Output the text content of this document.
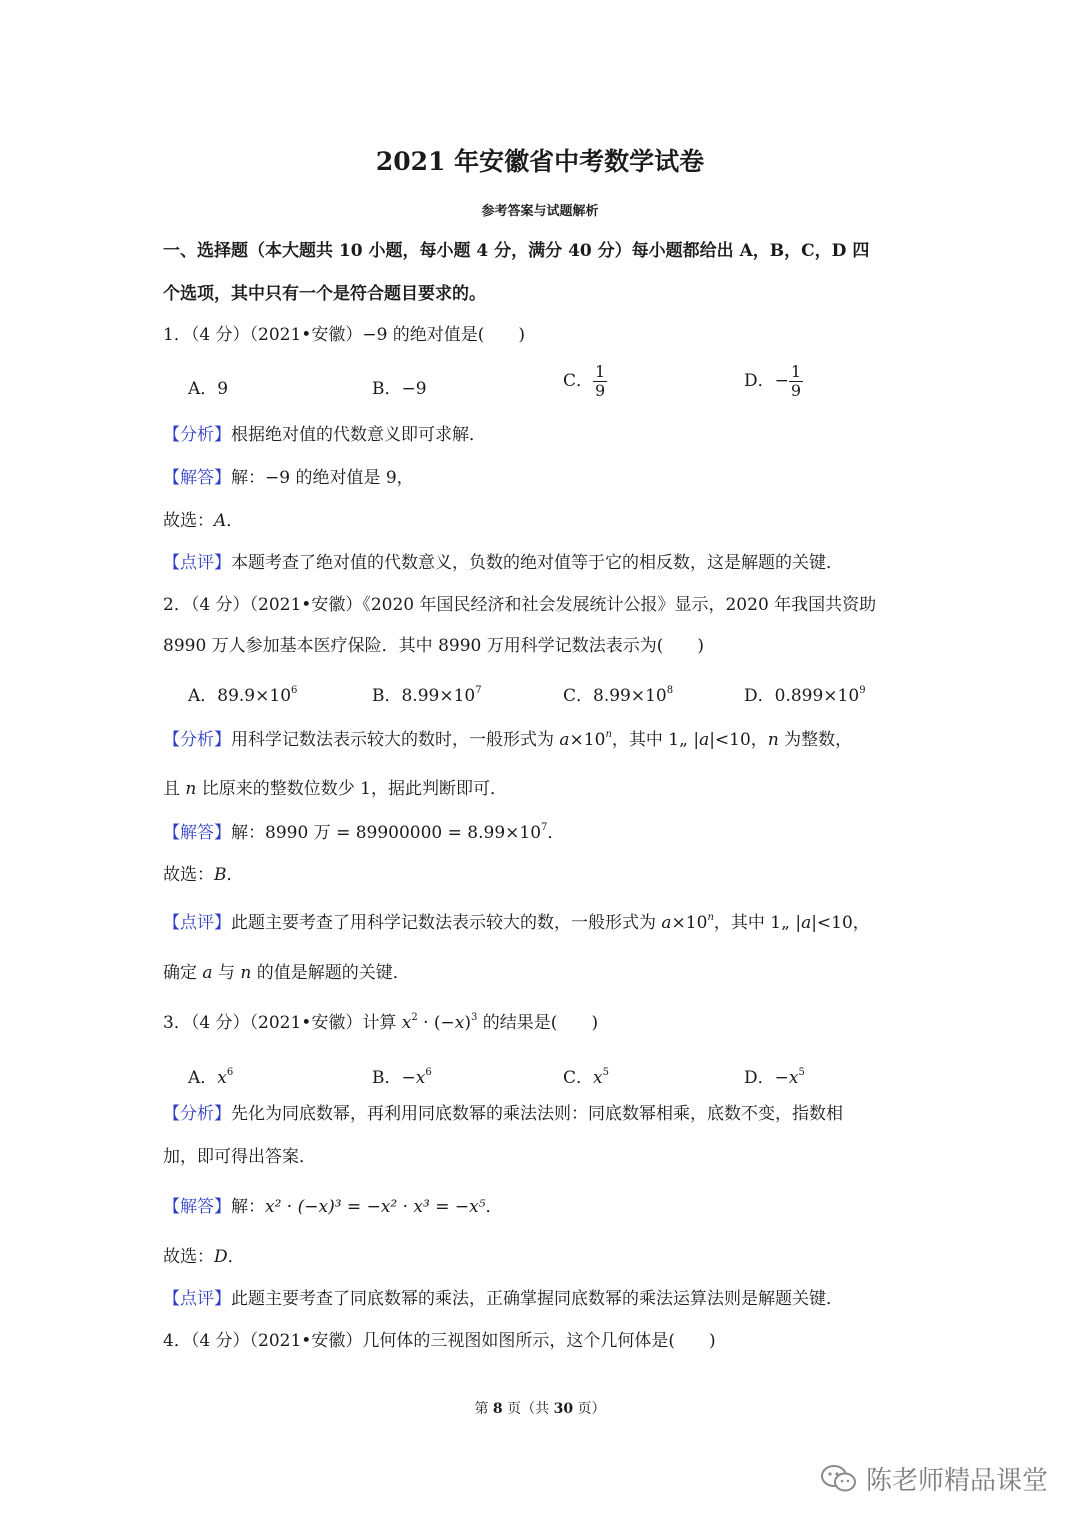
2021 年安徽省中考数学试卷
参考答案与试题解析
一、选择题（本大题共 10 小题，每小题 4 分，满分 40 分）每小题都给出 A，B，C，D 四
个选项，其中只有一个是符合题目要求的。
1．（4 分）（2021•安徽）−9 的绝对值是(　　)
A．9	B．−9	C． $\frac{1}{9}$	D．− $\frac{1}{9}$
【分析】根据绝对值的代数意义即可求解．
【解答】解：−9 的绝对值是 9，
故选：A．
【点评】本题考查了绝对值的代数意义，负数的绝对值等于它的相反数，这是解题的关键．
2．（4 分）（2021•安徽）《2020 年国民经济和社会发展统计公报》显示，2020 年我国共资助
8990 万人参加基本医疗保险．其中 8990 万用科学记数法表示为(　　)
A．$89.9\times 10^6$	B．$8.99\times 10^7$	C．$8.99\times 10^8$	D．$0.899\times 10^9$
【分析】用科学记数法表示较大的数时，一般形式为 $a\times 10^n$，其中 1„ |a|<10，n 为整数，
且 n 比原来的整数位数少 1，据此判断即可．
【解答】解：8990 万 = $89900000 = 8.99\times 10^7$．
故选：B．
【点评】此题主要考查了用科学记数法表示较大的数，一般形式为 $a\times 10^n$，其中 1„ |a|<10，
确定 a 与 n 的值是解题的关键．
3．（4 分）（2021•安徽）计算 $x^2 \cdot (-x)^3$ 的结果是(　　)
A．$x^6$	B．$-x^6$	C．$x^5$	D．$-x^5$
【分析】先化为同底数幂，再利用同底数幂的乘法法则：同底数幂相乘，底数不变，指数相
加，即可得出答案．
【解答】解：x² · (−x)³ = −x² · x³ = −x⁵．
故选：D．
【点评】此题主要考查了同底数幂的乘法，正确掌握同底数幂的乘法运算法则是解题关键．
4．（4 分）（2021•安徽）几何体的三视图如图所示，这个几何体是(　　)
第 8 页（共 30 页）
陈老师精品课堂
